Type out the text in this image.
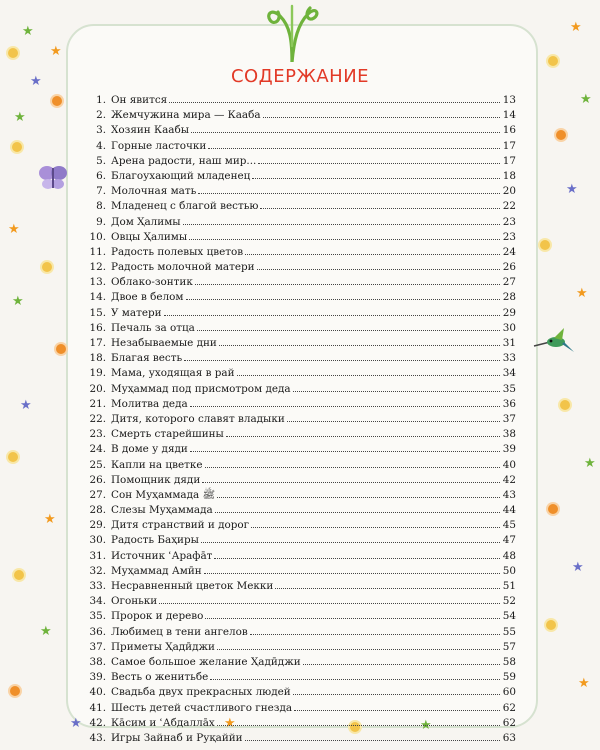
★
★
★
★
★
★
★
★
★
★
★
★
★
★
★
★
★
★
★
СОДЕРЖАНИЕ
1. Он явится	13
2. Жемчужина мира — Кааба	14
3. Хозяин Каабы	16
4. Горные ласточки	17
5. Арена радости, наш мир...	17
6. Благоухающий младенец	18
7. Молочная мать	20
8. Младенец с благой вестью	22
9. Дом Ҳалимы	23
10. Овцы Ҳалимы	23
11. Радость полевых цветов	24
12. Радость молочной матери	26
13. Облако-зонтик	27
14. Двое в белом	28
15. У матери	29
16. Печаль за отца	30
17. Незабываемые дни	31
18. Благая весть	33
19. Мама, уходящая в рай	34
20. Муҳаммад под присмотром деда	35
21. Молитва деда	36
22. Дитя, которого славят владыки	37
23. Смерть старейшины	38
24. В доме у дяди	39
25. Капли на цветке	40
26. Помощник дяди	42
27. Сон Муҳаммада ﷺ	43
28. Слезы Муҳаммада	44
29. Дитя странствий и дорог	45
30. Радость Баҳиры	47
31. Источник ʿАрафāт	48
32. Муҳаммад Амӣн	50
33. Несравненный цветок Мекки	51
34. Огоньки	52
35. Пророк и дерево	54
36. Любимец в тени ангелов	55
37. Приметы Ҳадӣджи	57
38. Самое большое желание Ҳадӣджи	58
39. Весть о женитьбе	59
40. Свадьба двух прекрасных людей	60
41. Шесть детей счастливого гнезда	62
42. Кāсим и ʿАбдаллāх	62
43. Игры Зайнаб и Руқаййи	63
